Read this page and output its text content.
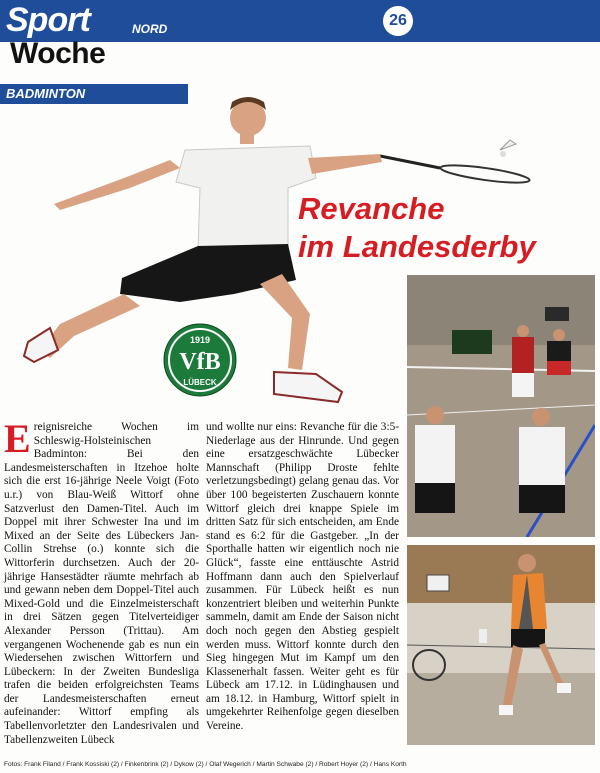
Sport	NORD	26
Woche
BADMINTON
Revanche
im Landesderby
1919
VfB
LÜBECK
Ereignisreiche Wochen im Schleswig-Holsteinischen Badminton: Bei den Landesmeisterschaften in Itzehoe holte sich die erst 16-jährige Neele Voigt (Foto u.r.) von Blau-Weiß Wittorf ohne Satzverlust den Damen-Titel. Auch im Doppel mit ihrer Schwester Ina und im Mixed an der Seite des Lübeckers Jan-Collin Strehse (o.) konnte sich die Wittorferin durchsetzen. Auch der 20-jährige Hansestädter räumte mehrfach ab und gewann neben dem Doppel-Titel auch Mixed-Gold und die Einzelmeisterschaft in drei Sätzen gegen Titelverteidiger Alexander Persson (Trittau). Am vergangenen Wochenende gab es nun ein Wiedersehen zwischen Wittorfern und Lübeckern: In der Zweiten Bundesliga trafen die beiden erfolgreichsten Teams der Landesmeisterschaften erneut aufeinander: Wittorf empfing als Tabellenvorletzter den Landesrivalen und Tabellenzweiten Lübeck
und wollte nur eins: Revanche für die 3:5-Niederlage aus der Hinrunde. Und gegen eine ersatzgeschwächte Lübecker Mannschaft (Philipp Droste fehlte verletzungsbedingt) gelang genau das. Vor über 100 begeisterten Zuschauern konnte Wittorf gleich drei knappe Spiele im dritten Satz für sich entscheiden, am Ende stand es 6:2 für die Gastgeber. „In der Sporthalle hatten wir eigentlich noch nie Glück“, fasste eine enttäuschte Astrid Hoffmann dann auch den Spielverlauf zusammen. Für Lübeck heißt es nun konzentriert bleiben und weiterhin Punkte sammeln, damit am Ende der Saison nicht doch noch gegen den Abstieg gespielt werden muss. Wittorf konnte durch den Sieg hingegen Mut im Kampf um den Klassenerhalt fassen. Weiter geht es für Lübeck am 17.12. in Lüdinghausen und am 18.12. in Hamburg, Wittorf spielt in umgekehrter Reihenfolge gegen dieselben Vereine.
Fotos: Frank Filand / Frank Kossiski (2) / Finkenbrink (2) / Dykow (2) / Olaf Wegerich / Martin Schwabe (2) / Robert Hoyer (2) / Hans Korth
